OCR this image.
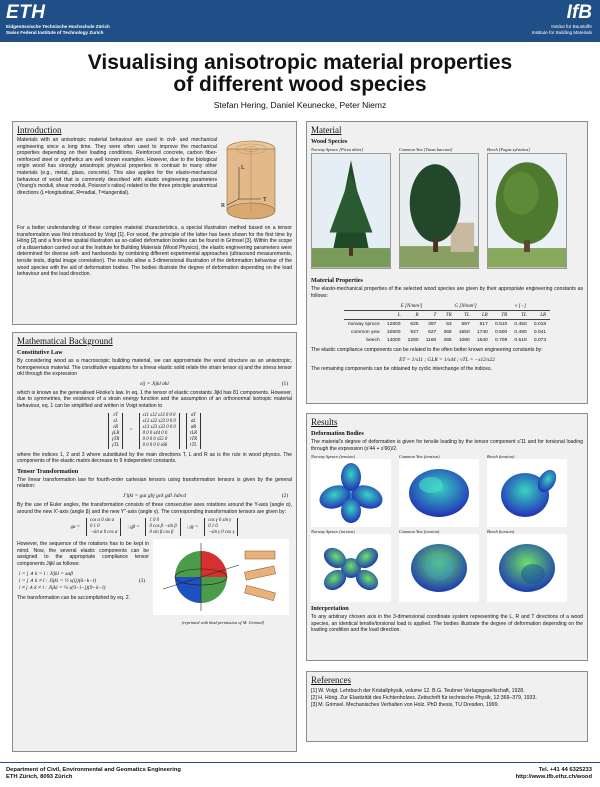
ETH
Eidgenössische Technische Hochschule Zürich
Swiss Federal Institute of Technology Zurich
IfB
Institut für Baustoffe
Institute for Building Materials
Visualising anisotropic material properties
of different wood species
Stefan Hering, Daniel Keunecke, Peter Niemz
Introduction
Materials with an anisotropic material behaviour are used in civil- and mechanical engineering since a long time. They were often used to improve the mechanical properties depending on their loading conditions. Reinforced concrete, carbon fiber-reinforced steel or synthetics are well known examples. However, due to the biological origin wood has strongly anisotropic physical properties in contrast to many other materials (e.g., metal, glass, concrete). This also applies for the elasto-mechanical behaviour of wood that is commonly described with elastic engineering parameters (Young's moduli, shear moduli, Poisson's ratios) related to the three principle anatomical directions (L=longitudinal, R=radial, T=tangential).
L
R
T
For a better understanding of these complex material characteristics, a special illustration method based on a tensor transformation was first introduced by Voigt [1]. For wood, the principle of the latter has been shown for the first time by Hörig [2] and a first-time spatial illustration as so-called deformation bodies can be found in Grimsel [3]. Within the scope of a dissertation carried out at the Institute for Building Materials (Wood Physics), the elastic engineering parameters were determined for diverse soft- and hardwoods by combining different experimental approaches (ultrasound measurements, tensile tests, digital image correlation). The results allow a 3-dimensional illustration of the deformation behaviour of the wood species with the aid of deformation bodies. The bodies illustrate the degree of deformation depending on the load behaviour and the load direction.
Mathematical Background
Constitutive Law
By considering wood as a macroscopic building material, we can approximate the wood structure as an anisotropic, homogeneous material. The constitutive equations for a linear elastic solid relate the strain tensor εij and the stress tensor σkl through the expression
εij = Jijkl σkl	(1)
which is known as the generalised Hooke's law. In eq. 1 the tensor of elastic constants Jijkl has 81 components. However, due to symmetries, the existence of a strain energy function and the assumption of an orthonormal isotropic material behaviour, eq. 1 can be simplified and written in Voigt notation to
εT
εL
εR
γLR
γTR
γTL
=
s11 s12 s13 0 0 0
s12 s22 s23 0 0 0
s13 s23 s33 0 0 0
0 0 0 s44 0 0
0 0 0 0 s55 0
0 0 0 0 0 s66
σT
σL
σR
τLR
τTR
τTL
where the indices 1, 2 and 3 where substituted by the main directions T, L and R as is the rule in wood physics. The components of the elastic matrix decrease to 9 independent constants.
Tensor Transformation
The linear transformation law for fourth-order cartesian tensors using transformation tensors is given by the general relation:
J'ijkl = gai gbj gck gdl Jabcd	(2)
By the use of Euler angles, the transformation consists of three consecutive axes rotations around the Y-axis (angle α), around the new X'-axis (angle β) and the new Y''-axis (angle γ). The corresponding transformation tensors are given by:
gα =
cos α 0 sin α
0 1 0
−sin α 0 cos α
; gβ =
1 0 0
0 cos β −sin β
0 sin β cos β
; gγ =
cos γ 0 sin γ
0 1 0
−sin γ 0 cos γ
However, the sequence of the rotations has to be kept in mind. Now, the several elastic components can be assigned to the appropriate compliance tensor components Jijkl as follows:
i = j ∧ k = l : Jijkl = sαβ
i = j ∧ k ≠ l : Jijkl = ½ s(ij)(6−k−l)
i ≠ j ∧ k ≠ l : Jijkl = ¼ s(9−i−j)(9−k−l)
(3)
The transformation can be accomplished by eq. 2.
(reprinted with kind permission of M. Grimsel)
Material
Wood Species
Norway Spruce [Picea abies]	Common Yew [Taxus baccata]	Beech [Fagus sylvatica]
Material Properties
The elasto-mechanical properties of the selected wood species are given by their appropriate engineering constants as follows:
	E [N/mm²]			G [N/mm²]			ν [−]		
	L	R	T	TR	TL	LR	TR	TL	LR
norway spruce	12800	625	397	53	587	617	0.510	0.450	0.018
common yew	10500	927	627	368	1650	1740	0.500	0.480	0.041
beech	14000	2280	1160	465	1080	1640	0.708	0.518	0.073
The elastic compliance components can be related to the often better known engineering constants by:
ET = 1/s11 ; GLR = 1/s44 ; νTL = −s12/s22
The remaining components can be obtained by cyclic interchange of the indices.
Results
Deformation Bodies
The material's degree of deformation is given for tensile loading by the tensor component s'11 and for torsional loading through the expression (s'44 + s'66)/2.
Norway Spruce (tension)	Common Yew (tension)	Beech (tension)
Norway Spruce (torsion)	Common Yew (torsion)	Beech (torsion)
Interpretation
To any arbitrary chosen axis in the 3-dimensional coordinate system representing the L, R and T directions of a wood species, an identical tensile/torsional load is applied. The bodies illustrate the degree of deformation depending on the loading condition and the load direction.
References
[1] W. Voigt. Lehrbuch der Kristallphysik, volume 12. B.G. Teubner Verlagsgesellschaft, 1928.
[2] H. Hörig. Zur Elastizität des Fichtenholzes. Zeitschrift für technische Physik, 12:369–379, 1933.
[3] M. Grimsel. Mechanisches Verhalten von Holz. PhD thesis, TU Dresden, 1999.
Department of Civil, Environmental and Geomatics Engineering
ETH Zürich, 8093 Zürich
Tel. +41 44 6325233
http://www.ifb.ethz.ch/wood
